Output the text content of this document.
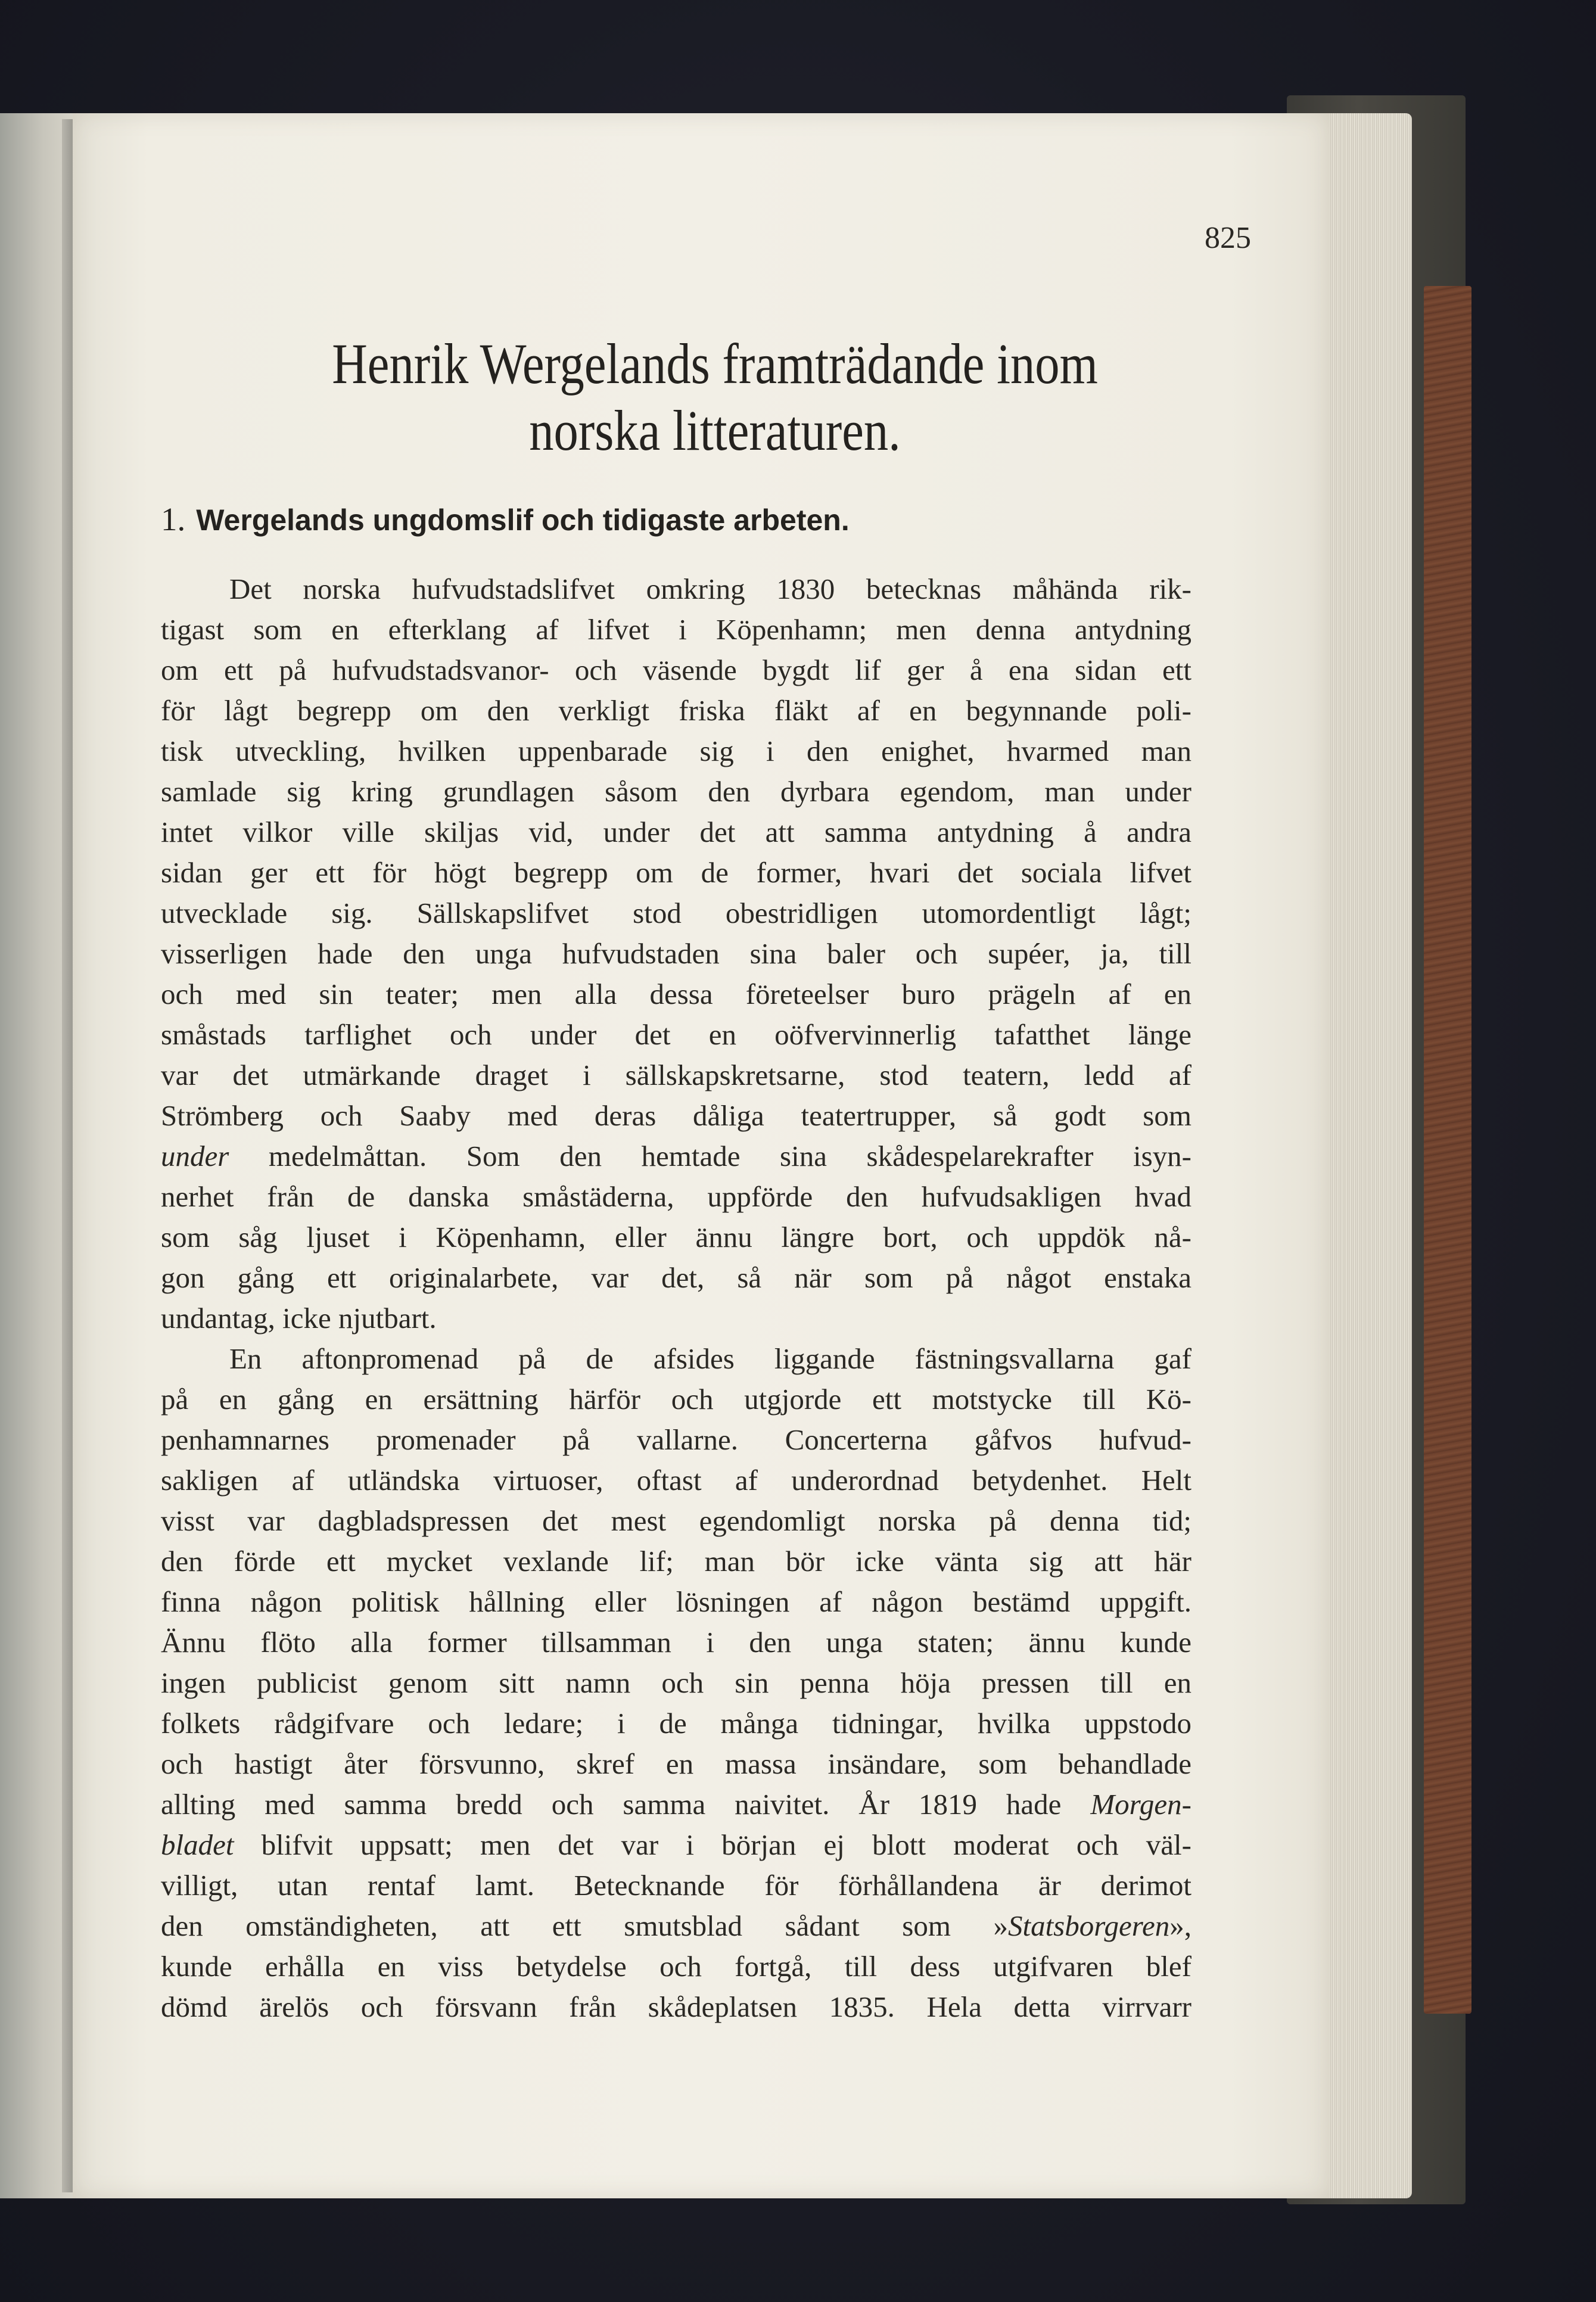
825
Henrik Wergelands framträdande inom
norska litteraturen.
1. Wergelands ungdomslif och tidigaste arbeten.
Det norska hufvudstadslifvet omkring 1830 betecknas måhända rik-
tigast som en efterklang af lifvet i Köpenhamn; men denna antydning
om ett på hufvudstadsvanor- och väsende bygdt lif ger å ena sidan ett
för lågt begrepp om den verkligt friska fläkt af en begynnande poli-
tisk utveckling, hvilken uppenbarade sig i den enighet, hvarmed man
samlade sig kring grundlagen såsom den dyrbara egendom, man under
intet vilkor ville skiljas vid, under det att samma antydning å andra
sidan ger ett för högt begrepp om de former, hvari det sociala lifvet
utvecklade sig. Sällskapslifvet stod obestridligen utomordentligt lågt;
visserligen hade den unga hufvudstaden sina baler och supéer, ja, till
och med sin teater; men alla dessa företeelser buro prägeln af en
småstads tarflighet och under det en oöfvervinnerlig tafatthet länge
var det utmärkande draget i sällskapskretsarne, stod teatern, ledd af
Strömberg och Saaby med deras dåliga teatertrupper, så godt som
under medelmåttan. Som den hemtade sina skådespelarekrafter isyn-
nerhet från de danska småstäderna, uppförde den hufvudsakligen hvad
som såg ljuset i Köpenhamn, eller ännu längre bort, och uppdök nå-
gon gång ett originalarbete, var det, så när som på något enstaka
undantag, icke njutbart.
En aftonpromenad på de afsides liggande fästningsvallarna gaf
på en gång en ersättning härför och utgjorde ett motstycke till Kö-
penhamnarnes promenader på vallarne. Concerterna gåfvos hufvud-
sakligen af utländska virtuoser, oftast af underordnad betydenhet. Helt
visst var dagbladspressen det mest egendomligt norska på denna tid;
den förde ett mycket vexlande lif; man bör icke vänta sig att här
finna någon politisk hållning eller lösningen af någon bestämd uppgift.
Ännu flöto alla former tillsamman i den unga staten; ännu kunde
ingen publicist genom sitt namn och sin penna höja pressen till en
folkets rådgifvare och ledare; i de många tidningar, hvilka uppstodo
och hastigt åter försvunno, skref en massa insändare, som behandlade
allting med samma bredd och samma naivitet. År 1819 hade Morgen-
bladet blifvit uppsatt; men det var i början ej blott moderat och väl-
villigt, utan rentaf lamt. Betecknande för förhållandena är derimot
den omständigheten, att ett smutsblad sådant som »Statsborgeren»,
kunde erhålla en viss betydelse och fortgå, till dess utgifvaren blef
dömd ärelös och försvann från skådeplatsen 1835. Hela detta virrvarr
